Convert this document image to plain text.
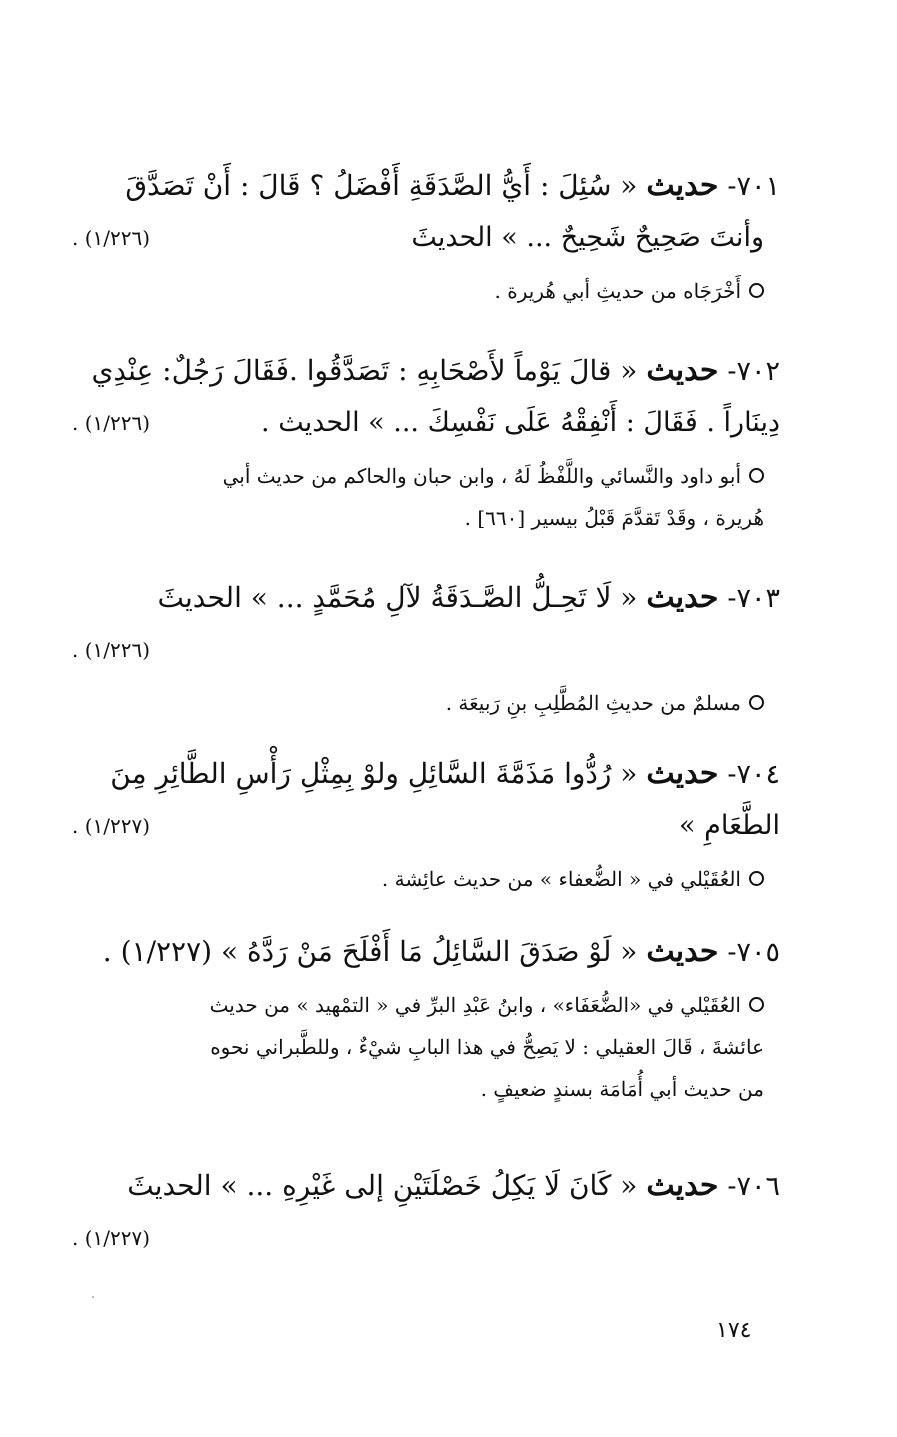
٧٠١- حديث « سُئِلَ : أَيُّ الصَّدَقَةِ أَفْضَلُ ؟ قَالَ : أَنْ تَصَدَّقَ
وأنتَ صَحِيحٌ شَحِيحٌ ... » الحديثَ
(١/٢٢٦) .
أَخْرَجَاه من حديثِ أبي هُريرة .
٧٠٢- حديث « قالَ يَوْماً لأَصْحَابِهِ : تَصَدَّقُوا .فَقَالَ رَجُلٌ: عِنْدِي
دِينَاراً . فَقَالَ : أَنْفِقْهُ عَلَى نَفْسِكَ ... » الحديث .
(١/٢٢٦) .
أبو داود والنَّسائي واللَّفْظُ لَهُ ، وابن حبان والحاكم من حديث أبي
هُريرة ، وقَدْ تَقدَّمَ قَبْلُ بيسير [٦٦٠] .
٧٠٣- حديث « لَا تَحِـلُّ الصَّـدَقَةُ لآلِ مُحَمَّدٍ ... » الحديثَ
(١/٢٢٦) .
مسلمٌ من حديثِ المُطَّلِبِ بنِ رَبيعَة .
٧٠٤- حديث « رُدُّوا مَذَمَّةَ السَّائِلِ ولوْ بِمِثْلِ رَأْسِ الطَّائِرِ مِنَ
الطَّعَامِ »
(١/٢٢٧) .
العُقَيْلي في « الضُّعفاء » من حديث عائِشة .
٧٠٥- حديث « لَوْ صَدَقَ السَّائِلُ مَا أَفْلَحَ مَنْ رَدَّهُ » (١/٢٢٧) .
العُقَيْلي في «الضُّعَفَاء» ، وابنُ عَبْدِ البرِّ في « التمْهيد » من حديث
عائشةَ ، قَالَ العقيلي : لا يَصِحُّ في هذا البابِ شيْءٌ ، وللطَّبراني نحوه
من حديث أبي أُمَامَة بسندٍ ضعيفٍ .
٧٠٦- حديث « كَانَ لَا يَكِلُ خَصْلَتَيْنِ إلى غَيْرِهِ ... » الحديثَ
(١/٢٢٧) .
١٧٤
